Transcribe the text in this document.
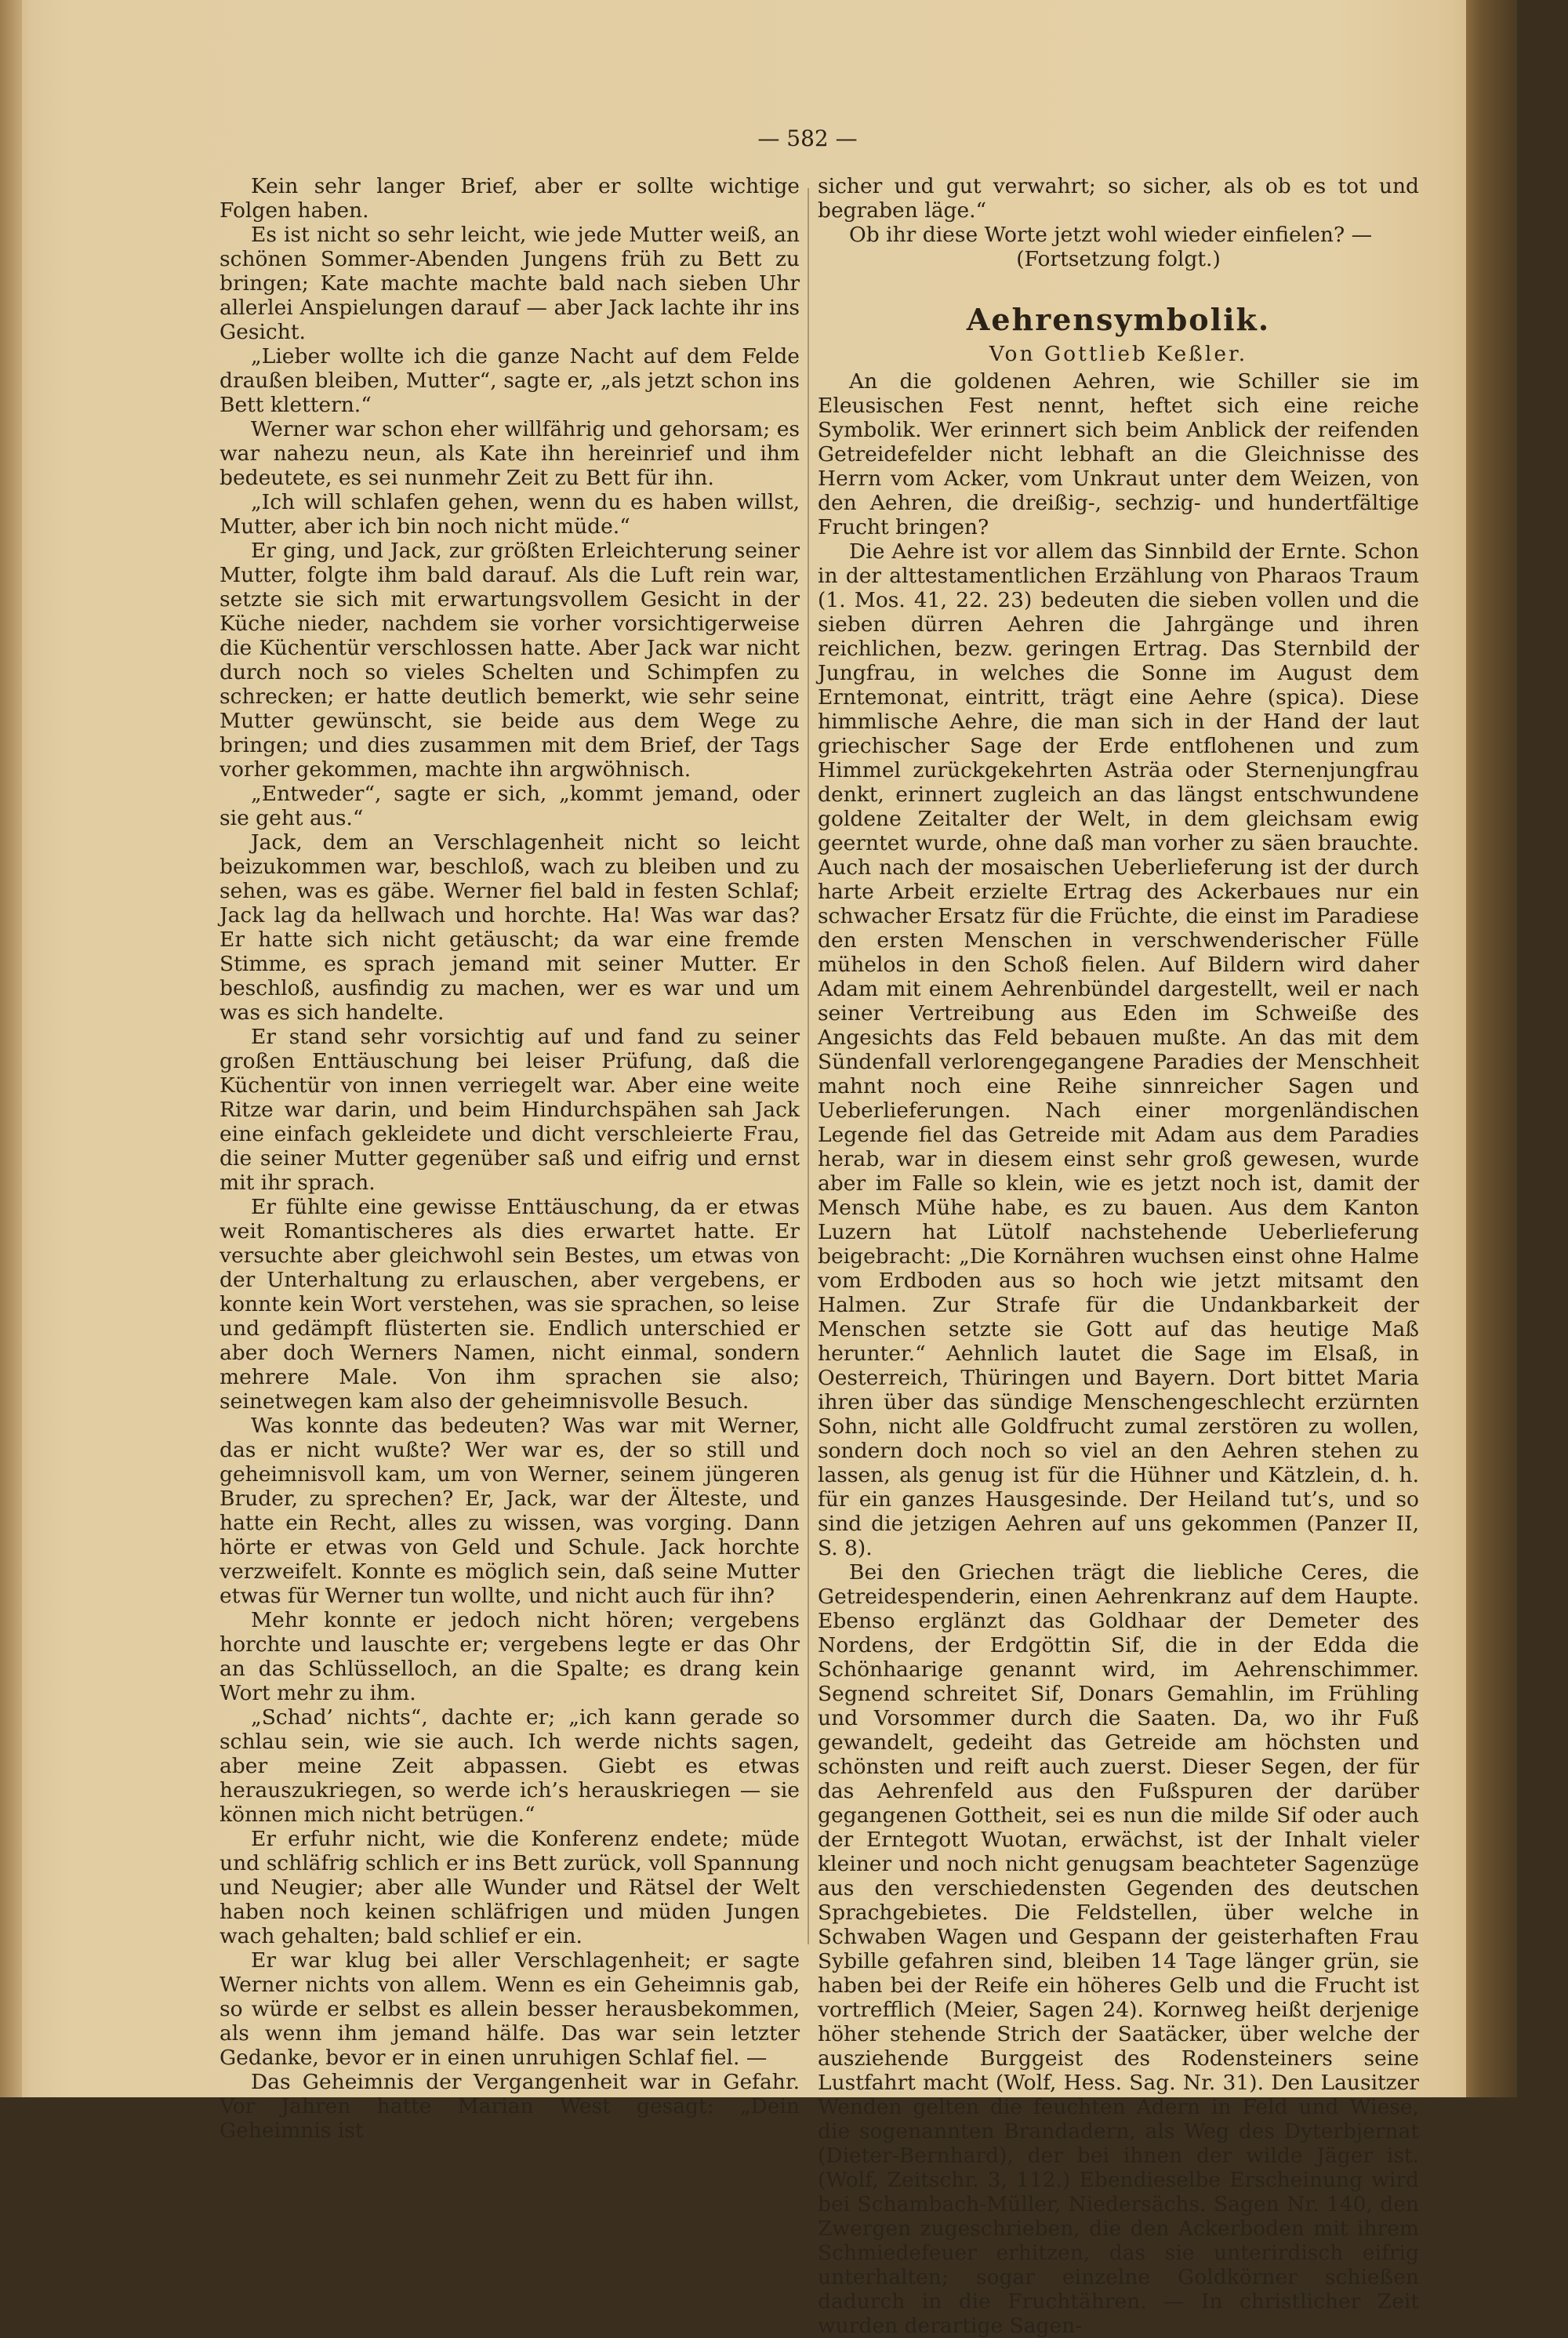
— 582 —

Kein sehr langer Brief, aber er sollte wichtige Folgen haben.

Es ist nicht so sehr leicht, wie jede Mutter weiß, an schönen Sommer-Abenden Jungens früh zu Bett zu bringen; Kate machte machte bald nach sieben Uhr allerlei Anspielungen darauf — aber Jack lachte ihr ins Gesicht.

„Lieber wollte ich die ganze Nacht auf dem Felde draußen bleiben, Mutter“, sagte er, „als jetzt schon ins Bett klettern.“

Werner war schon eher willfährig und gehorsam; es war nahezu neun, als Kate ihn hereinrief und ihm bedeutete, es sei nunmehr Zeit zu Bett für ihn.

„Ich will schlafen gehen, wenn du es haben willst, Mutter, aber ich bin noch nicht müde.“

Er ging, und Jack, zur größten Erleichterung seiner Mutter, folgte ihm bald darauf. Als die Luft rein war, setzte sie sich mit erwartungsvollem Gesicht in der Küche nieder, nachdem sie vorher vorsichtigerweise die Küchentür verschlossen hatte. Aber Jack war nicht durch noch so vieles Schelten und Schimpfen zu schrecken; er hatte deutlich bemerkt, wie sehr seine Mutter gewünscht, sie beide aus dem Wege zu bringen; und dies zusammen mit dem Brief, der Tags vorher gekommen, machte ihn argwöhnisch.

„Entweder“, sagte er sich, „kommt jemand, oder sie geht aus.“

Jack, dem an Verschlagenheit nicht so leicht beizukommen war, beschloß, wach zu bleiben und zu sehen, was es gäbe. Werner fiel bald in festen Schlaf; Jack lag da hellwach und horchte. Ha! Was war das? Er hatte sich nicht getäuscht; da war eine fremde Stimme, es sprach jemand mit seiner Mutter. Er beschloß, ausfindig zu machen, wer es war und um was es sich handelte.

Er stand sehr vorsichtig auf und fand zu seiner großen Enttäuschung bei leiser Prüfung, daß die Küchentür von innen verriegelt war. Aber eine weite Ritze war darin, und beim Hindurchspähen sah Jack eine einfach gekleidete und dicht verschleierte Frau, die seiner Mutter gegenüber saß und eifrig und ernst mit ihr sprach.

Er fühlte eine gewisse Enttäuschung, da er etwas weit Romantischeres als dies erwartet hatte. Er versuchte aber gleichwohl sein Bestes, um etwas von der Unterhaltung zu erlauschen, aber vergebens, er konnte kein Wort verstehen, was sie sprachen, so leise und gedämpft flüsterten sie. Endlich unterschied er aber doch Werners Namen, nicht einmal, sondern mehrere Male. Von ihm sprachen sie also; seinetwegen kam also der geheimnisvolle Besuch.

Was konnte das bedeuten? Was war mit Werner, das er nicht wußte? Wer war es, der so still und geheimnisvoll kam, um von Werner, seinem jüngeren Bruder, zu sprechen? Er, Jack, war der Älteste, und hatte ein Recht, alles zu wissen, was vorging. Dann hörte er etwas von Geld und Schule. Jack horchte verzweifelt. Konnte es möglich sein, daß seine Mutter etwas für Werner tun wollte, und nicht auch für ihn?

Mehr konnte er jedoch nicht hören; vergebens horchte und lauschte er; vergebens legte er das Ohr an das Schlüsselloch, an die Spalte; es drang kein Wort mehr zu ihm.

„Schad’ nichts“, dachte er; „ich kann gerade so schlau sein, wie sie auch. Ich werde nichts sagen, aber meine Zeit abpassen. Giebt es etwas herauszukriegen, so werde ich’s herauskriegen — sie können mich nicht betrügen.“

Er erfuhr nicht, wie die Konferenz endete; müde und schläfrig schlich er ins Bett zurück, voll Spannung und Neugier; aber alle Wunder und Rätsel der Welt haben noch keinen schläfrigen und müden Jungen wach gehalten; bald schlief er ein.

Er war klug bei aller Verschlagenheit; er sagte Werner nichts von allem. Wenn es ein Geheimnis gab, so würde er selbst es allein besser herausbekommen, als wenn ihm jemand hälfe. Das war sein letzter Gedanke, bevor er in einen unruhigen Schlaf fiel. —

Das Geheimnis der Vergangenheit war in Gefahr. Vor Jahren hatte Marian West gesagt: „Dein Geheimnis ist

sicher und gut verwahrt; so sicher, als ob es tot und begraben läge.“

Ob ihr diese Worte jetzt wohl wieder einfielen? —

(Fortsetzung folgt.)

Aehrensymbolik.
Von Gottlieb Keßler.

An die goldenen Aehren, wie Schiller sie im Eleusischen Fest nennt, heftet sich eine reiche Symbolik. Wer erinnert sich beim Anblick der reifenden Getreidefelder nicht lebhaft an die Gleichnisse des Herrn vom Acker, vom Unkraut unter dem Weizen, von den Aehren, die dreißig-, sechzig- und hundertfältige Frucht bringen?

Die Aehre ist vor allem das Sinnbild der Ernte. Schon in der alttestamentlichen Erzählung von Pharaos Traum (1. Mos. 41, 22. 23) bedeuten die sieben vollen und die sieben dürren Aehren die Jahrgänge und ihren reichlichen, bezw. geringen Ertrag. Das Sternbild der Jungfrau, in welches die Sonne im August dem Erntemonat, eintritt, trägt eine Aehre (spica). Diese himmlische Aehre, die man sich in der Hand der laut griechischer Sage der Erde entflohenen und zum Himmel zurückgekehrten Asträa oder Sternenjungfrau denkt, erinnert zugleich an das längst entschwundene goldene Zeitalter der Welt, in dem gleichsam ewig geerntet wurde, ohne daß man vorher zu säen brauchte. Auch nach der mosaischen Ueberlieferung ist der durch harte Arbeit erzielte Ertrag des Ackerbaues nur ein schwacher Ersatz für die Früchte, die einst im Paradiese den ersten Menschen in verschwenderischer Fülle mühelos in den Schoß fielen. Auf Bildern wird daher Adam mit einem Aehrenbündel dargestellt, weil er nach seiner Vertreibung aus Eden im Schweiße des Angesichts das Feld bebauen mußte. An das mit dem Sündenfall verlorengegangene Paradies der Menschheit mahnt noch eine Reihe sinnreicher Sagen und Ueberlieferungen. Nach einer morgenländischen Legende fiel das Getreide mit Adam aus dem Paradies herab, war in diesem einst sehr groß gewesen, wurde aber im Falle so klein, wie es jetzt noch ist, damit der Mensch Mühe habe, es zu bauen. Aus dem Kanton Luzern hat Lütolf nachstehende Ueberlieferung beigebracht: „Die Kornähren wuchsen einst ohne Halme vom Erdboden aus so hoch wie jetzt mitsamt den Halmen. Zur Strafe für die Undankbarkeit der Menschen setzte sie Gott auf das heutige Maß herunter.“ Aehnlich lautet die Sage im Elsaß, in Oesterreich, Thüringen und Bayern. Dort bittet Maria ihren über das sündige Menschengeschlecht erzürnten Sohn, nicht alle Goldfrucht zumal zerstören zu wollen, sondern doch noch so viel an den Aehren stehen zu lassen, als genug ist für die Hühner und Kätzlein, d. h. für ein ganzes Hausgesinde. Der Heiland tut’s, und so sind die jetzigen Aehren auf uns gekommen (Panzer II, S. 8).

Bei den Griechen trägt die liebliche Ceres, die Getreidespenderin, einen Aehrenkranz auf dem Haupte. Ebenso erglänzt das Goldhaar der Demeter des Nordens, der Erdgöttin Sif, die in der Edda die Schönhaarige genannt wird, im Aehrenschimmer. Segnend schreitet Sif, Donars Gemahlin, im Frühling und Vorsommer durch die Saaten. Da, wo ihr Fuß gewandelt, gedeiht das Getreide am höchsten und schönsten und reift auch zuerst. Dieser Segen, der für das Aehrenfeld aus den Fußspuren der darüber gegangenen Gottheit, sei es nun die milde Sif oder auch der Erntegott Wuotan, erwächst, ist der Inhalt vieler kleiner und noch nicht genugsam beachteter Sagenzüge aus den verschiedensten Gegenden des deutschen Sprachgebietes. Die Feldstellen, über welche in Schwaben Wagen und Gespann der geisterhaften Frau Sybille gefahren sind, bleiben 14 Tage länger grün, sie haben bei der Reife ein höheres Gelb und die Frucht ist vortrefflich (Meier, Sagen 24). Kornweg heißt derjenige höher stehende Strich der Saatäcker, über welche der ausziehende Burggeist des Rodensteiners seine Lustfahrt macht (Wolf, Hess. Sag. Nr. 31). Den Lausitzer Wenden gelten die feuchten Adern in Feld und Wiese, die sogenannten Brandadern, als Weg des Dyterbjernat (Dieter-Bernhard), der bei ihnen der wilde Jäger ist. (Wolf, Zeitschr. 3, 112.) Ebendieselbe Erscheinung wird bei Schambach-Müller, Niedersächs. Sagen Nr. 140, den Zwergen zugeschrieben, die den Ackerboden mit ihrem Schmiedefeuer erhitzen, das sie unterirdisch eifrig unterhalten; sogar einzelne Goldkörner schießen dadurch in die Fruchtähren. — In christlicher Zeit wurden derartige Sagen-
